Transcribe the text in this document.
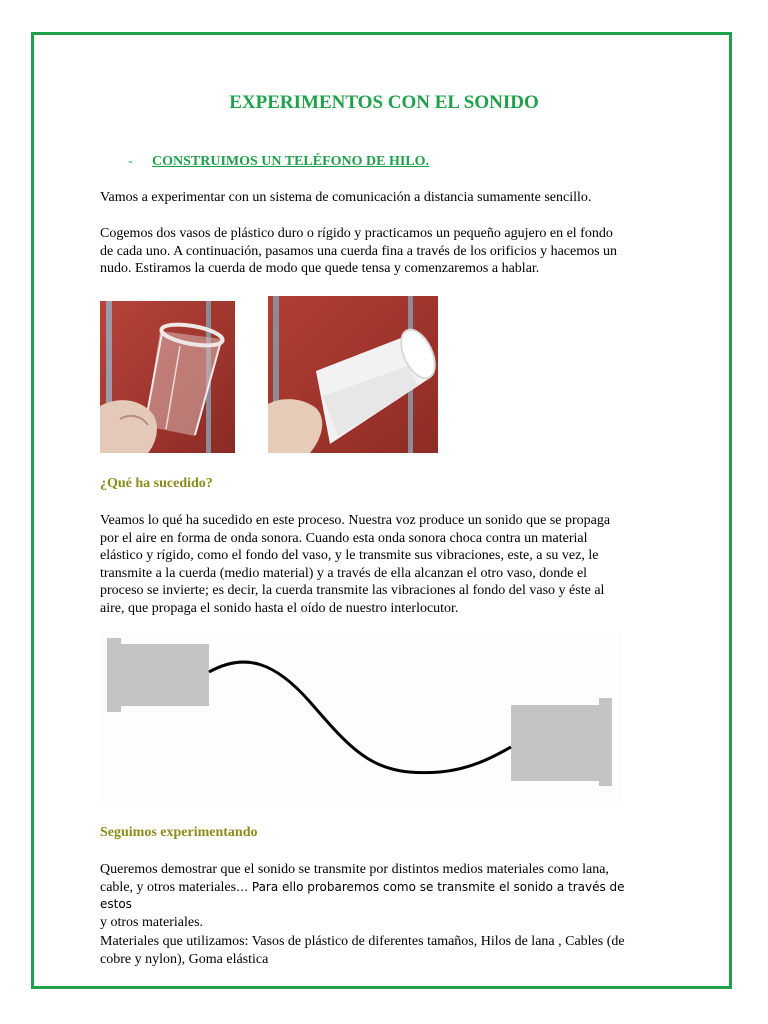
EXPERIMENTOS CON EL SONIDO
- CONSTRUIMOS UN TELÉFONO DE HILO.
Vamos a experimentar con un sistema de comunicación a distancia sumamente sencillo.
Cogemos dos vasos de plástico duro o rígido y practicamos un pequeño agujero en el fondo
de cada uno. A continuación, pasamos una cuerda fina a través de los orificios y hacemos un
nudo. Estiramos la cuerda de modo que quede tensa y comenzaremos a hablar.
¿Qué ha sucedido?
Veamos lo qué ha sucedido en este proceso. Nuestra voz produce un sonido que se propaga
por el aire en forma de onda sonora. Cuando esta onda sonora choca contra un material
elástico y rígido, como el fondo del vaso, y le transmite sus vibraciones, este, a su vez, le
transmite a la cuerda (medio material) y a través de ella alcanzan el otro vaso, donde el
proceso se invierte; es decir, la cuerda transmite las vibraciones al fondo del vaso y éste al
aire, que propaga el sonido hasta el oído de nuestro interlocutor.
Seguimos experimentando
Queremos demostrar que el sonido se transmite por distintos medios materiales como lana,
cable, y otros materiales… Para ello probaremos como se transmite el sonido a través de estos
y otros materiales.
Materiales que utilizamos: Vasos de plástico de diferentes tamaños, Hilos de lana , Cables (de
cobre y nylon), Goma elástica
